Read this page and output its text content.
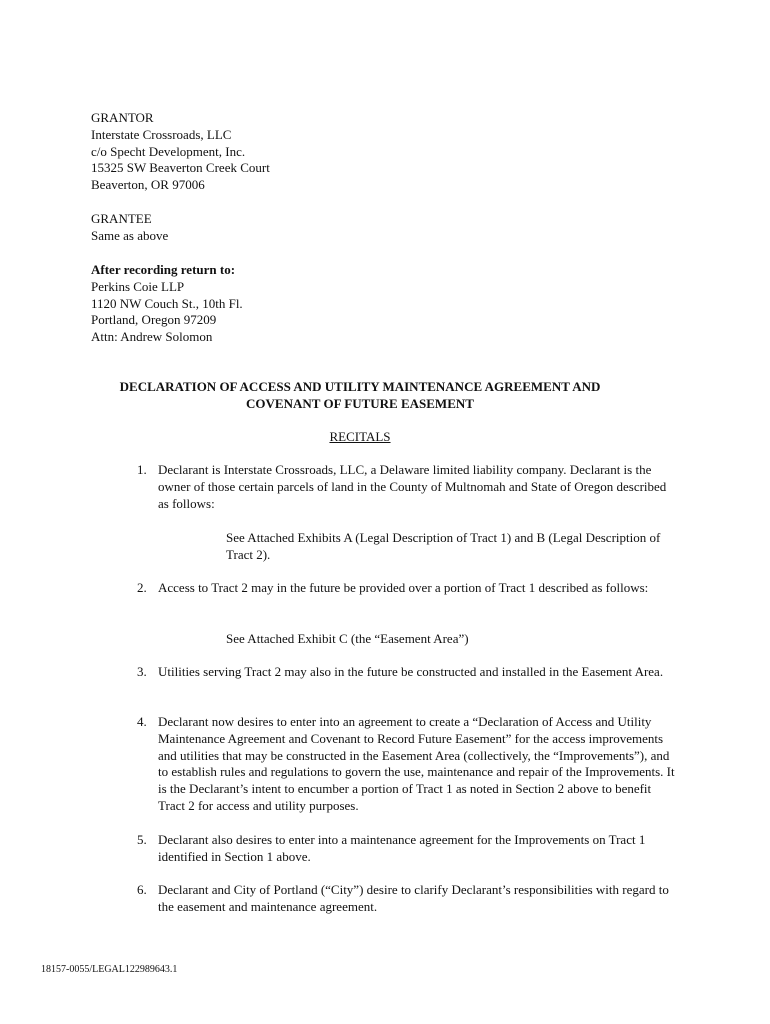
GRANTOR
Interstate Crossroads, LLC
c/o Specht Development, Inc.
15325 SW Beaverton Creek Court
Beaverton, OR 97006
GRANTEE
Same as above
After recording return to:
Perkins Coie LLP
1120 NW Couch St., 10th Fl.
Portland, Oregon 97209
Attn: Andrew Solomon
DECLARATION OF ACCESS AND UTILITY MAINTENANCE AGREEMENT AND
COVENANT OF FUTURE EASEMENT
RECITALS
1. Declarant is Interstate Crossroads, LLC, a Delaware limited liability company. Declarant is the owner of those certain parcels of land in the County of Multnomah and State of Oregon described as follows:
See Attached Exhibits A (Legal Description of Tract 1) and B (Legal Description of Tract 2).
2. Access to Tract 2 may in the future be provided over a portion of Tract 1 described as follows:
See Attached Exhibit C (the “Easement Area”)
3. Utilities serving Tract 2 may also in the future be constructed and installed in the Easement Area.
4. Declarant now desires to enter into an agreement to create a “Declaration of Access and Utility Maintenance Agreement and Covenant to Record Future Easement” for the access improvements and utilities that may be constructed in the Easement Area (collectively, the “Improvements”), and to establish rules and regulations to govern the use, maintenance and repair of the Improvements. It is the Declarant’s intent to encumber a portion of Tract 1 as noted in Section 2 above to benefit Tract 2 for access and utility purposes.
5. Declarant also desires to enter into a maintenance agreement for the Improvements on Tract 1 identified in Section 1 above.
6. Declarant and City of Portland (“City”) desire to clarify Declarant’s responsibilities with regard to the easement and maintenance agreement.
18157-0055/LEGAL122989643.1
